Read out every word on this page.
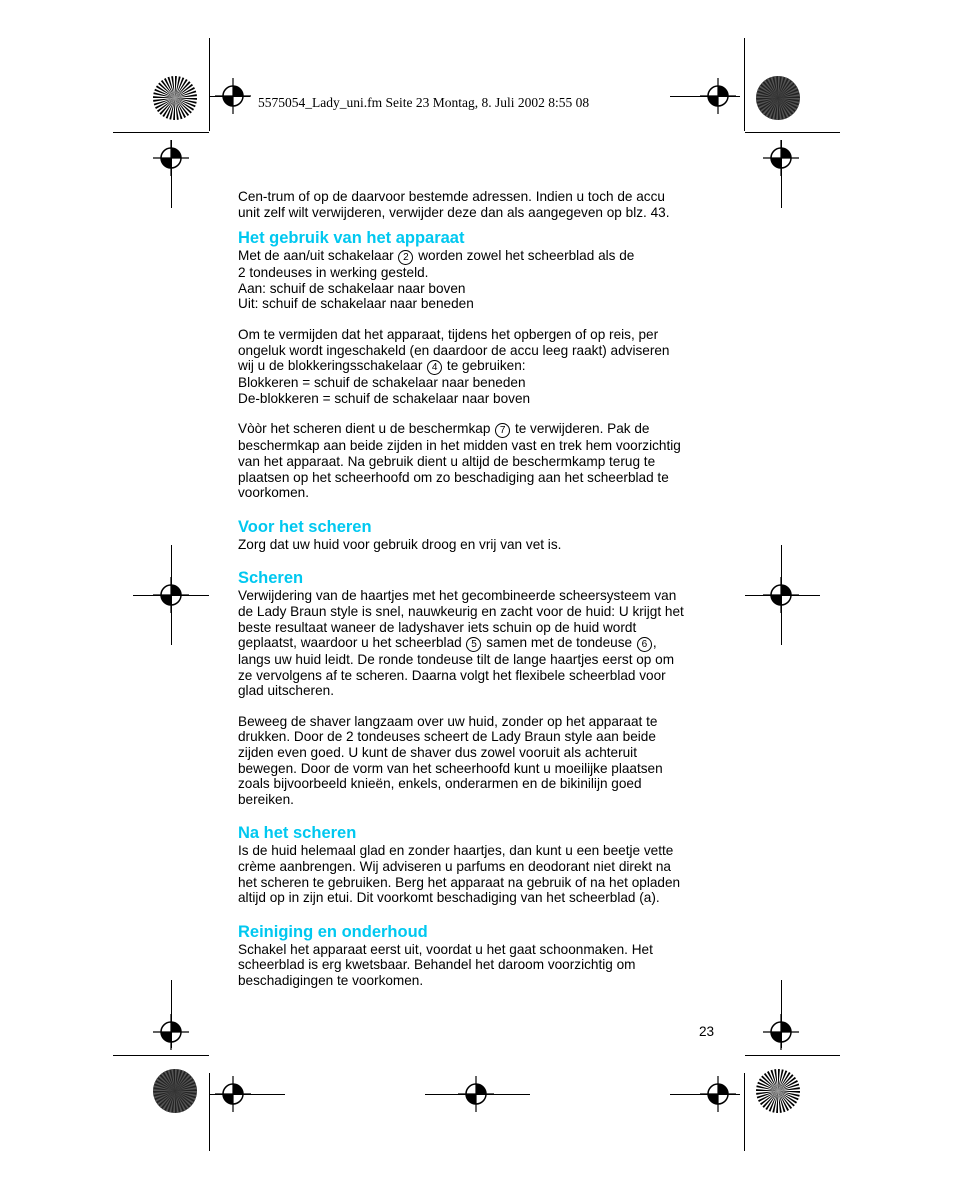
5575054_Lady_uni.fm Seite 23 Montag, 8. Juli 2002 8:55 08

Cen-trum of op de daarvoor bestemde adressen. Indien u toch de accu

unit zelf wilt verwijderen, verwijder deze dan als aangegeven op blz. 43.

Het gebruik van het apparaat

Met de aan/uit schakelaar 2 worden zowel het scheerblad als de

2 tondeuses in werking gesteld.

Aan: schuif de schakelaar naar boven

Uit: schuif de schakelaar naar beneden

Om te vermijden dat het apparaat, tijdens het opbergen of op reis, per

ongeluk wordt ingeschakeld (en daardoor de accu leeg raakt) adviseren

wij u de blokkeringsschakelaar 4 te gebruiken:

Blokkeren = schuif de schakelaar naar beneden

De-blokkeren = schuif de schakelaar naar boven

Vòòr het scheren dient u de beschermkap 7 te verwijderen. Pak de

beschermkap aan beide zijden in het midden vast en trek hem voorzichtig

van het apparaat. Na gebruik dient u altijd de beschermkamp terug te

plaatsen op het scheerhoofd om zo beschadiging aan het scheerblad te

voorkomen.

Voor het scheren

Zorg dat uw huid voor gebruik droog en vrij van vet is.

Scheren

Verwijdering van de haartjes met het gecombineerde scheersysteem van

de Lady Braun style is snel, nauwkeurig en zacht voor de huid: U krijgt het

beste resultaat waneer de ladyshaver iets schuin op de huid wordt

geplaatst, waardoor u het scheerblad 5 samen met de tondeuse 6 ,

langs uw huid leidt. De ronde tondeuse tilt de lange haartjes eerst op om

ze vervolgens af te scheren. Daarna volgt het flexibele scheerblad voor

glad uitscheren.

Beweeg de shaver langzaam over uw huid, zonder op het apparaat te

drukken. Door de 2 tondeuses scheert de Lady Braun style aan beide

zijden even goed. U kunt de shaver dus zowel vooruit als achteruit

bewegen. Door de vorm van het scheerhoofd kunt u moeilijke plaatsen

zoals bijvoorbeeld knieën, enkels, onderarmen en de bikinilijn goed

bereiken.

Na het scheren

Is de huid helemaal glad en zonder haartjes, dan kunt u een beetje vette

crème aanbrengen. Wij adviseren u parfums en deodorant niet direkt na

het scheren te gebruiken. Berg het apparaat na gebruik of na het opladen

altijd op in zijn etui. Dit voorkomt beschadiging van het scheerblad (a).

Reiniging en onderhoud

Schakel het apparaat eerst uit, voordat u het gaat schoonmaken. Het

scheerblad is erg kwetsbaar. Behandel het daroom voorzichtig om

beschadigingen te voorkomen.

23
